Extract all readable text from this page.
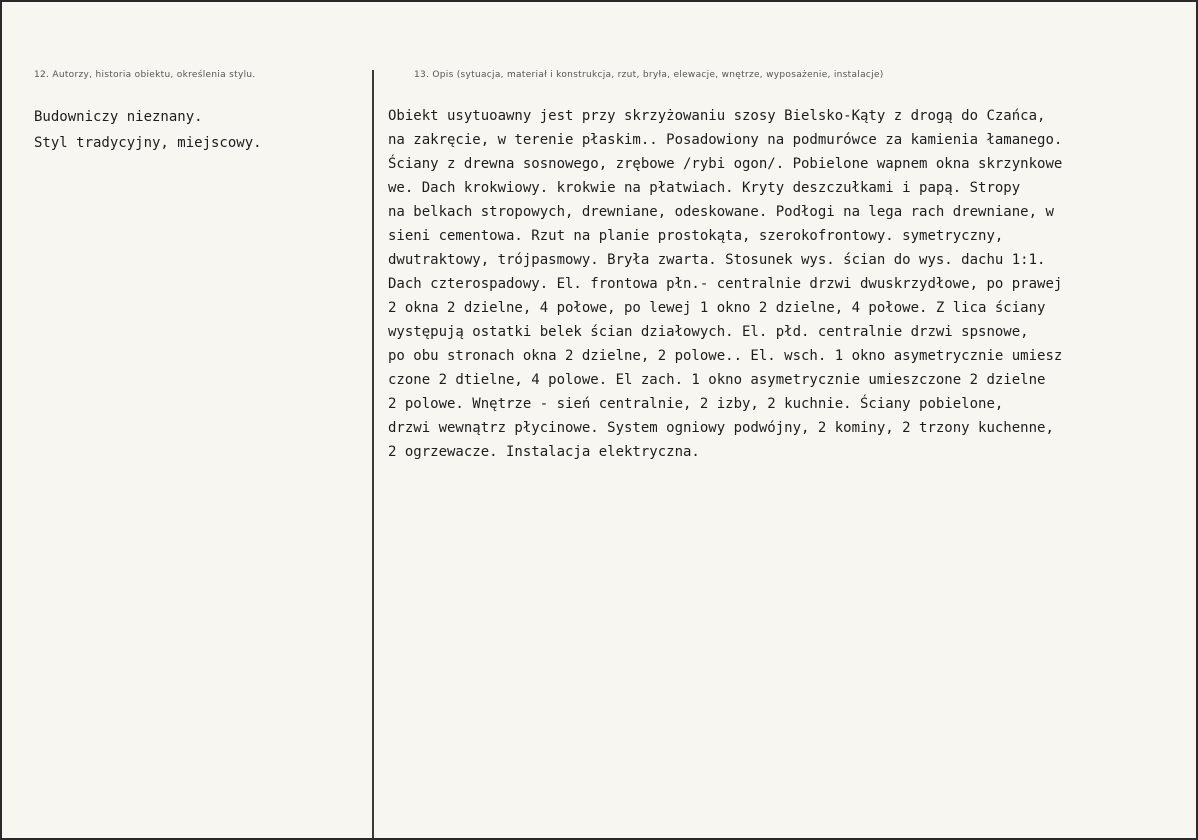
12. Autorzy, historia obiektu, określenia stylu.	13. Opis (sytuacja, materiał i konstrukcja, rzut, bryła, elewacje, wnętrze, wyposażenie, instalacje)
Budowniczy nieznany.
Styl tradycyjny, miejscowy.
Obiekt usytuoawny jest przy skrzyżowaniu szosy Bielsko-Kąty z drogą do Czańca,
na zakręcie, w terenie płaskim.. Posadowiony na podmurówce za kamienia łamanego.
Ściany z drewna sosnowego, zrębowe /rybi ogon/. Pobielone wapnem okna skrzynkowe
we. Dach krokwiowy. krokwie na płatwiach. Kryty deszczułkami i papą. Stropy
na belkach stropowych, drewniane, odeskowane. Podłogi na lega rach drewniane, w
sieni cementowa. Rzut na planie prostokąta, szerokofrontowy. symetryczny,
dwutraktowy, trójpasmowy. Bryła zwarta. Stosunek wys. ścian do wys. dachu 1:1.
Dach czterospadowy. El. frontowa płn.- centralnie drzwi dwuskrzydłowe, po prawej
2 okna 2 dzielne, 4 połowe, po lewej 1 okno 2 dzielne, 4 połowe. Z lica ściany
występują ostatki belek ścian działowych. El. płd. centralnie drzwi spsnowe,
po obu stronach okna 2 dzielne, 2 polowe.. El. wsch. 1 okno asymetrycznie umiesz
czone 2 dtielne, 4 polowe. El zach. 1 okno asymetrycznie umieszczone 2 dzielne
2 polowe. Wnętrze - sień centralnie, 2 izby, 2 kuchnie. Ściany pobielone,
drzwi wewnątrz płycinowe. System ogniowy podwójny, 2 kominy, 2 trzony kuchenne,
2 ogrzewacze. Instalacja elektryczna.
